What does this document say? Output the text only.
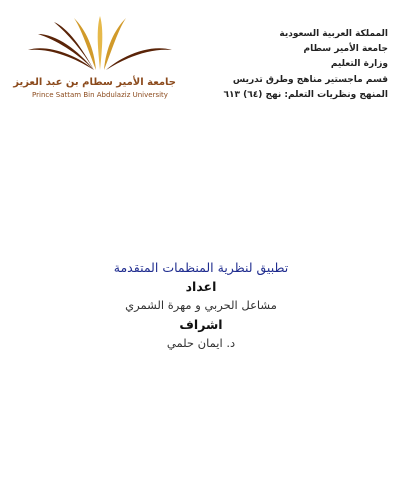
جامعة الأمير سطام بن عبد العزيز
Prince Sattam Bin Abdulaziz University
المملكة العربية السعودية
جامعة الأمير سطام
وزارة التعليم
قسم ماجستير مناهج وطرق تدريس
المنهج ونظريات التعلم: نهج (٦٤) ٦١٣
تطبيق لنظرية المنظمات المتقدمة
اعداد
مشاعل الحربي و مهرة الشمري
اشراف
د. ايمان حلمي
